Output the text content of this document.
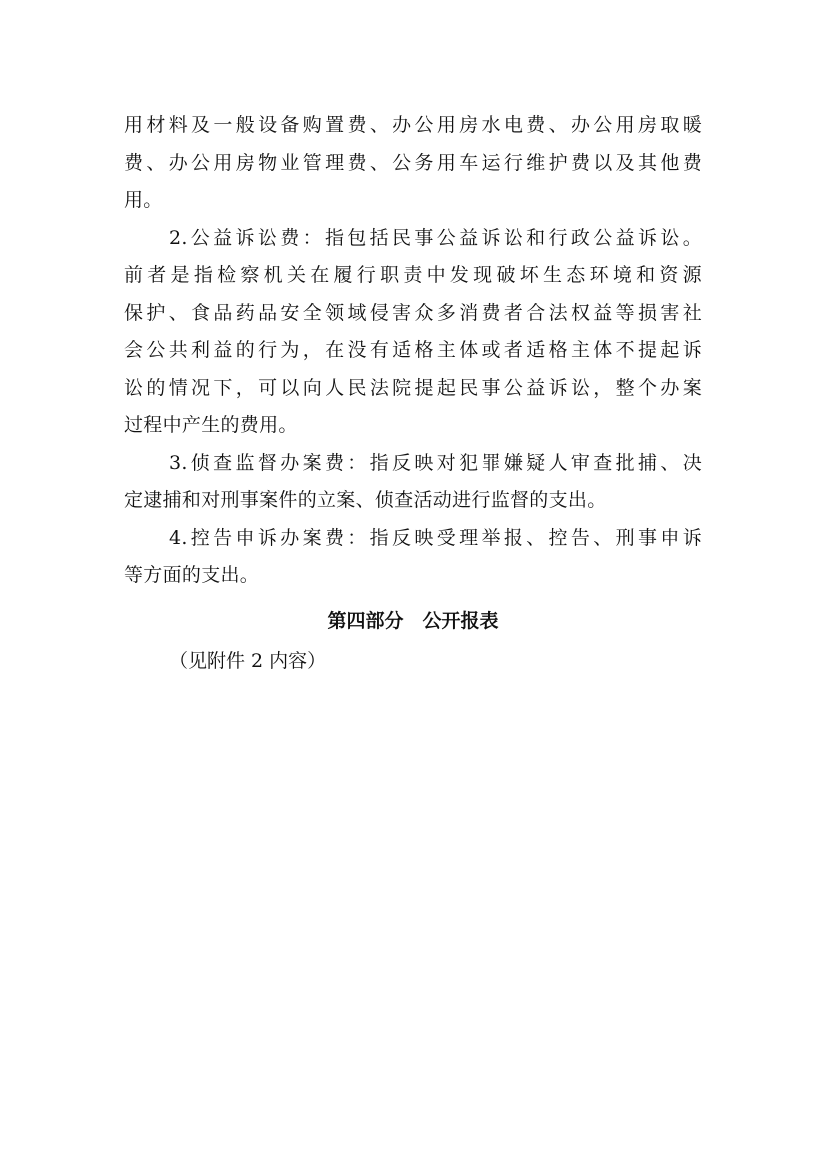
用材料及一般设备购置费、办公用房水电费、办公用房取暖
费、办公用房物业管理费、公务用车运行维护费以及其他费
用。
2.公益诉讼费：指包括民事公益诉讼和行政公益诉讼。
前者是指检察机关在履行职责中发现破坏生态环境和资源
保护、食品药品安全领域侵害众多消费者合法权益等损害社
会公共利益的行为，在没有适格主体或者适格主体不提起诉
讼的情况下，可以向人民法院提起民事公益诉讼，整个办案
过程中产生的费用。
3.侦查监督办案费：指反映对犯罪嫌疑人审查批捕、决
定逮捕和对刑事案件的立案、侦查活动进行监督的支出。
4.控告申诉办案费：指反映受理举报、控告、刑事申诉
等方面的支出。
第四部分　公开报表
（见附件 2 内容）
